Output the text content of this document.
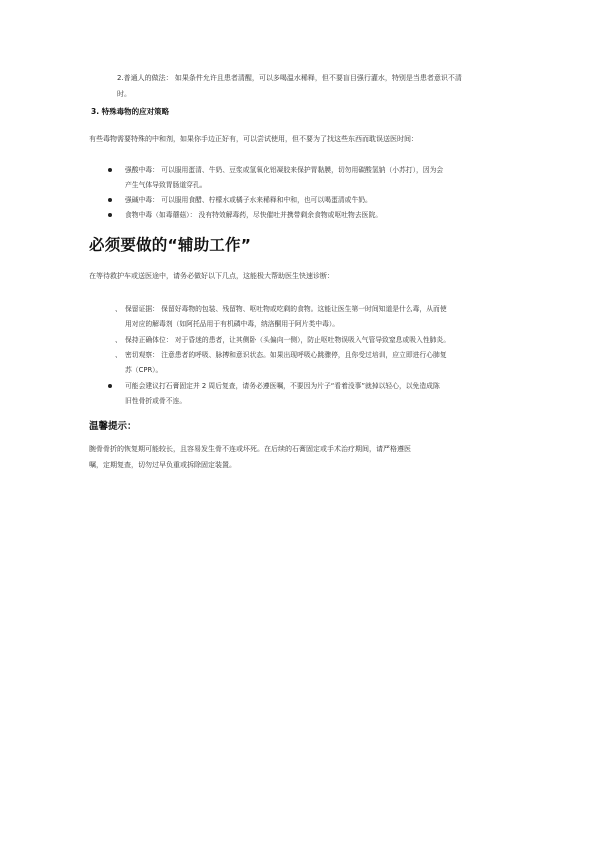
2.普通人的做法： 如果条件允许且患者清醒，可以多喝温水稀释，但不要盲目强行灌水，特别是当患者意识不清
时。
3. 特殊毒物的应对策略
有些毒物需要特殊的中和剂，如果你手边正好有，可以尝试使用，但不要为了找这些东西而耽误送医时间：
强酸中毒： 可以服用蛋清、牛奶、豆浆或氢氧化铝凝胶来保护胃黏膜，切勿用碳酸氢钠（小苏打），因为会
产生气体导致胃肠道穿孔。
强碱中毒： 可以服用食醋、柠檬水或橘子水来稀释和中和，也可以喝蛋清或牛奶。
食物中毒（如毒蘑菇）： 没有特效解毒药，尽快催吐并携带剩余食物或呕吐物去医院。
必须要做的“辅助工作”
在等待救护车或送医途中，请务必做好以下几点，这能极大帮助医生快速诊断：
、 保留证据： 保留好毒物的包装、残留物、呕吐物或吃剩的食物。这能让医生第一时间知道是什么毒，从而使
用对应的解毒剂（如阿托品用于有机磷中毒，纳洛酮用于阿片类中毒）。
、 保持正确体位： 对于昏迷的患者，让其侧卧（头偏向一侧），防止呕吐物误吸入气管导致窒息或吸入性肺炎。
、 密切观察： 注意患者的呼吸、脉搏和意识状态。如果出现呼吸心跳骤停，且你受过培训，应立即进行心肺复
苏（CPR）。
可能会建议打石膏固定并 2 周后复查，请务必遵医嘱，不要因为片子“看着没事”就掉以轻心，以免造成陈
旧性骨折或骨不连。
温馨提示：
腕骨骨折的恢复期可能较长，且容易发生骨不连或坏死。在后续的石膏固定或手术治疗期间，请严格遵医
嘱，定期复查，切勿过早负重或拆除固定装置。
